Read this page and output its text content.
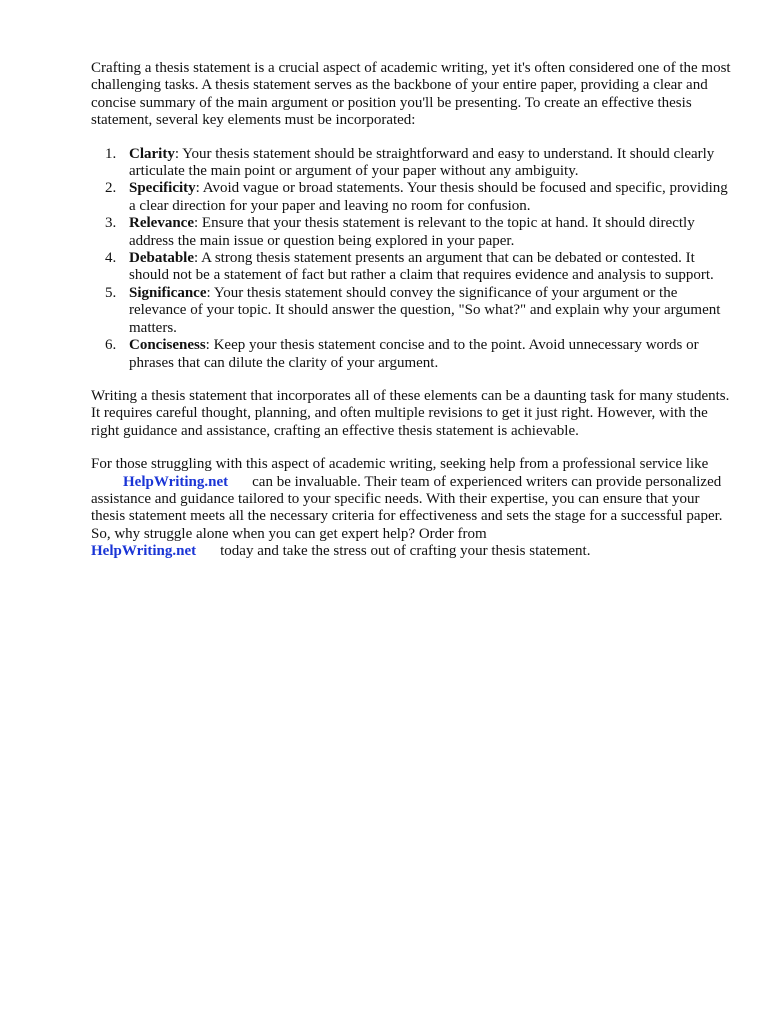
Crafting a thesis statement is a crucial aspect of academic writing, yet it's often considered one of the most challenging tasks. A thesis statement serves as the backbone of your entire paper, providing a clear and concise summary of the main argument or position you'll be presenting. To create an effective thesis statement, several key elements must be incorporated:

1. Clarity: Your thesis statement should be straightforward and easy to understand. It should clearly articulate the main point or argument of your paper without any ambiguity.
2. Specificity: Avoid vague or broad statements. Your thesis should be focused and specific, providing a clear direction for your paper and leaving no room for confusion.
3. Relevance: Ensure that your thesis statement is relevant to the topic at hand. It should directly address the main issue or question being explored in your paper.
4. Debatable: A strong thesis statement presents an argument that can be debated or contested. It should not be a statement of fact but rather a claim that requires evidence and analysis to support.
5. Significance: Your thesis statement should convey the significance of your argument or the relevance of your topic. It should answer the question, "So what?" and explain why your argument matters.
6. Conciseness: Keep your thesis statement concise and to the point. Avoid unnecessary words or phrases that can dilute the clarity of your argument.

Writing a thesis statement that incorporates all of these elements can be a daunting task for many students. It requires careful thought, planning, and often multiple revisions to get it just right. However, with the right guidance and assistance, crafting an effective thesis statement is achievable.

For those struggling with this aspect of academic writing, seeking help from a professional service likeHelpWriting.net can be invaluable. Their team of experienced writers can provide personalized assistance and guidance tailored to your specific needs. With their expertise, you can ensure that your thesis statement meets all the necessary criteria for effectiveness and sets the stage for a successful paper. So, why struggle alone when you can get expert help? Order from
HelpWriting.net today and take the stress out of crafting your thesis statement.
